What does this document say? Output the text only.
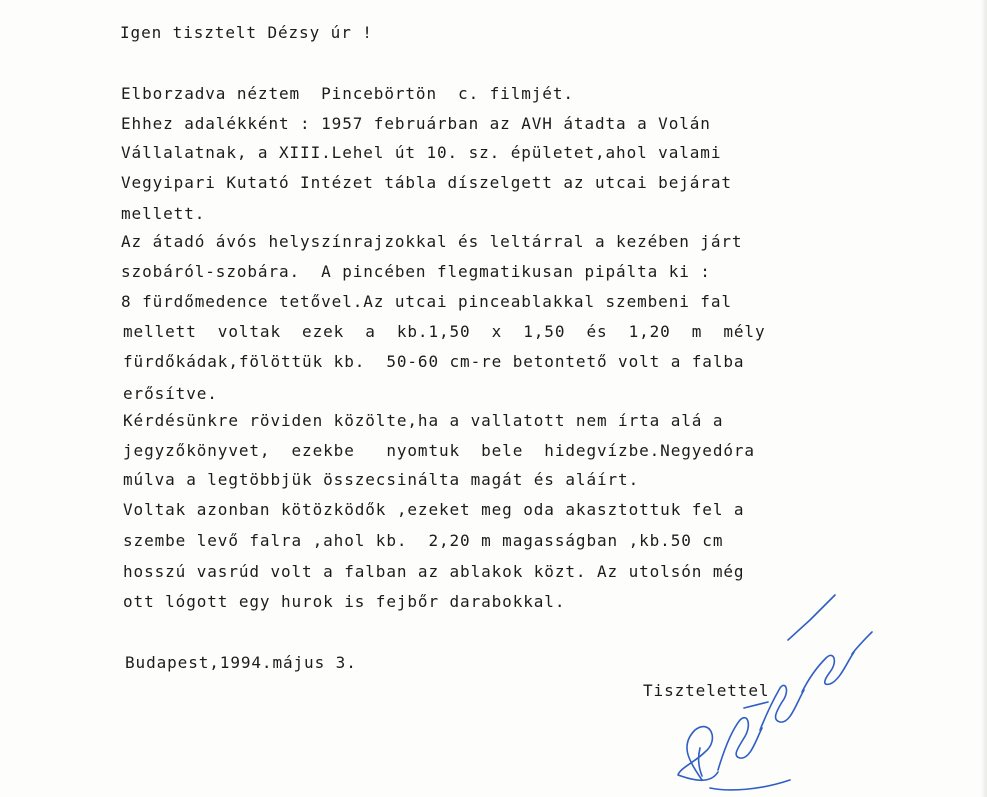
Igen tisztelt Dézsy úr !
Elborzadva néztem  Pincebörtön  c. filmjét.
Ehhez adalékként : 1957 februárban az AVH átadta a Volán
Vállalatnak, a XIII.Lehel út 10. sz. épületet,ahol valami
Vegyipari Kutató Intézet tábla díszelgett az utcai bejárat
mellett.
Az átadó ávós helyszínrajzokkal és leltárral a kezében járt
szobáról-szobára.  A pincében flegmatikusan pipálta ki :
8 fürdőmedence tetővel.Az utcai pinceablakkal szembeni fal
mellett  voltak  ezek  a  kb.1,50  x  1,50  és  1,20  m  mély
fürdőkádak,fölöttük kb.  50-60 cm-re betontető volt a falba
erősítve.
Kérdésünkre röviden közölte,ha a vallatott nem írta alá a
jegyzőkönyvet,  ezekbe   nyomtuk  bele  hidegvízbe.Negyedóra
múlva a legtöbbjük összecsinálta magát és aláírt.
Voltak azonban kötözködők ,ezeket meg oda akasztottuk fel a
szembe levő falra ,ahol kb.  2,20 m magasságban ,kb.50 cm
hosszú vasrúd volt a falban az ablakok közt. Az utolsón még
ott lógott egy hurok is fejbőr darabokkal.
Budapest,1994.május 3.
Tisztelettel
